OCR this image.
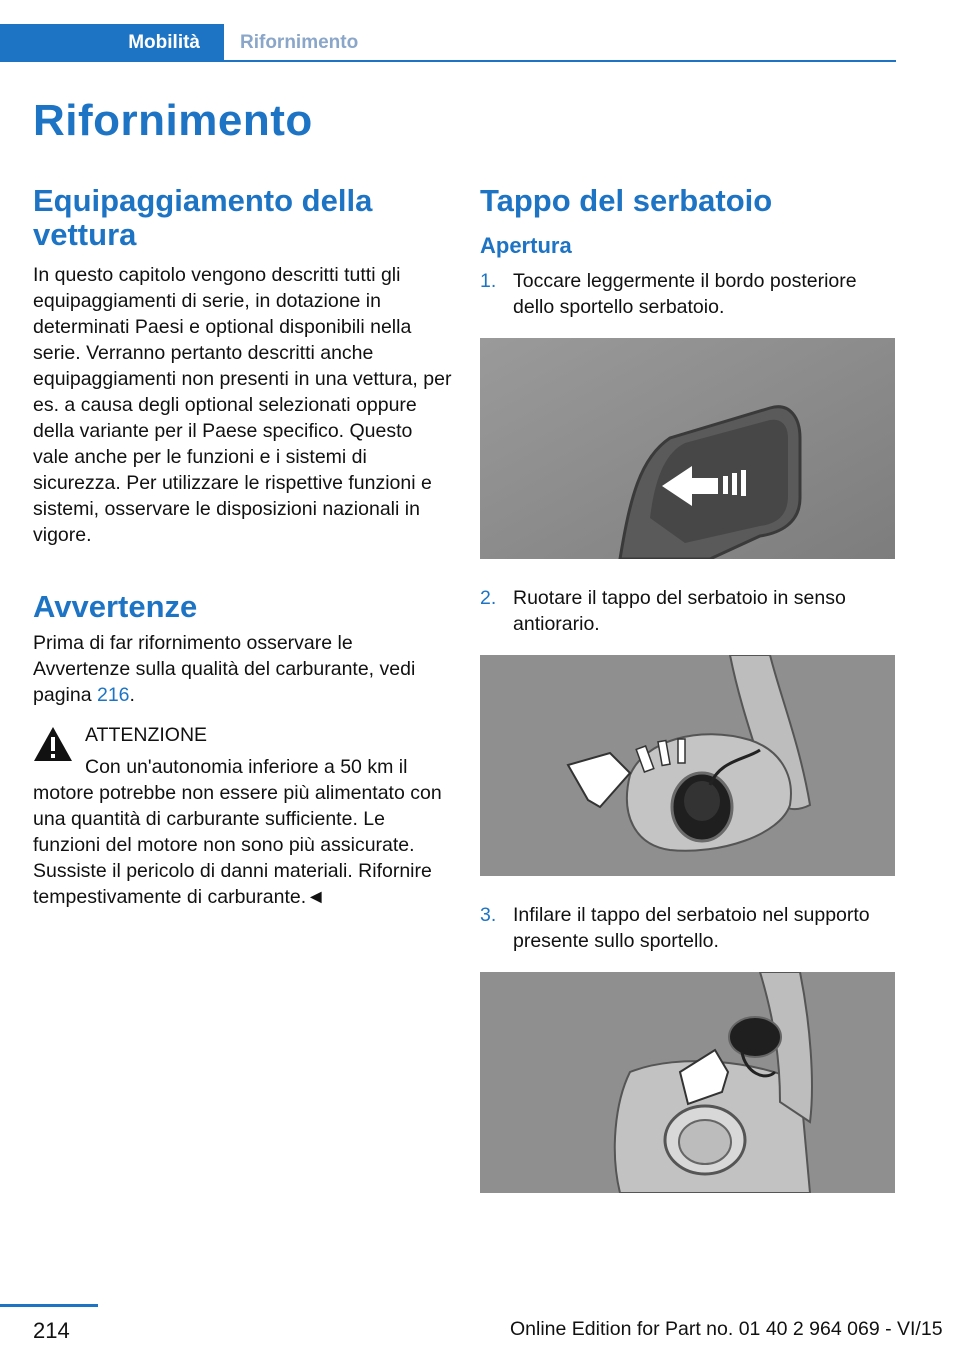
Mobilità	Rifornimento
Rifornimento
Equipaggiamento della vettura

In questo capitolo vengono descritti tutti gli equipaggiamenti di serie, in dotazione in determinati Paesi e optional disponibili nella serie. Verranno pertanto descritti anche equipaggiamenti non presenti in una vettura, per es. a causa degli optional selezionati oppure della variante per il Paese specifico. Questo vale anche per le funzioni e i sistemi di sicurezza. Per utilizzare le rispettive funzioni e sistemi, osservare le disposizioni nazionali in vigore.

Avvertenze

Prima di far rifornimento osservare le Avvertenze sulla qualità del carburante, vedi pagina 216.

ATTENZIONE
Con un'autonomia inferiore a 50 km il

motore potrebbe non essere più alimentato con una quantità di carburante sufficiente. Le funzioni del motore non sono più assicurate. Sussiste il pericolo di danni materiali. Rifornire tempestivamente di carburante.◄

Tappo del serbatoio
Apertura
1. Toccare leggermente il bordo posteriore dello sportello serbatoio.
2. Ruotare il tappo del serbatoio in senso antiorario.
3. Infilare il tappo del serbatoio nel supporto presente sullo sportello.
214	Online Edition for Part no. 01 40 2 964 069 - VI/15
